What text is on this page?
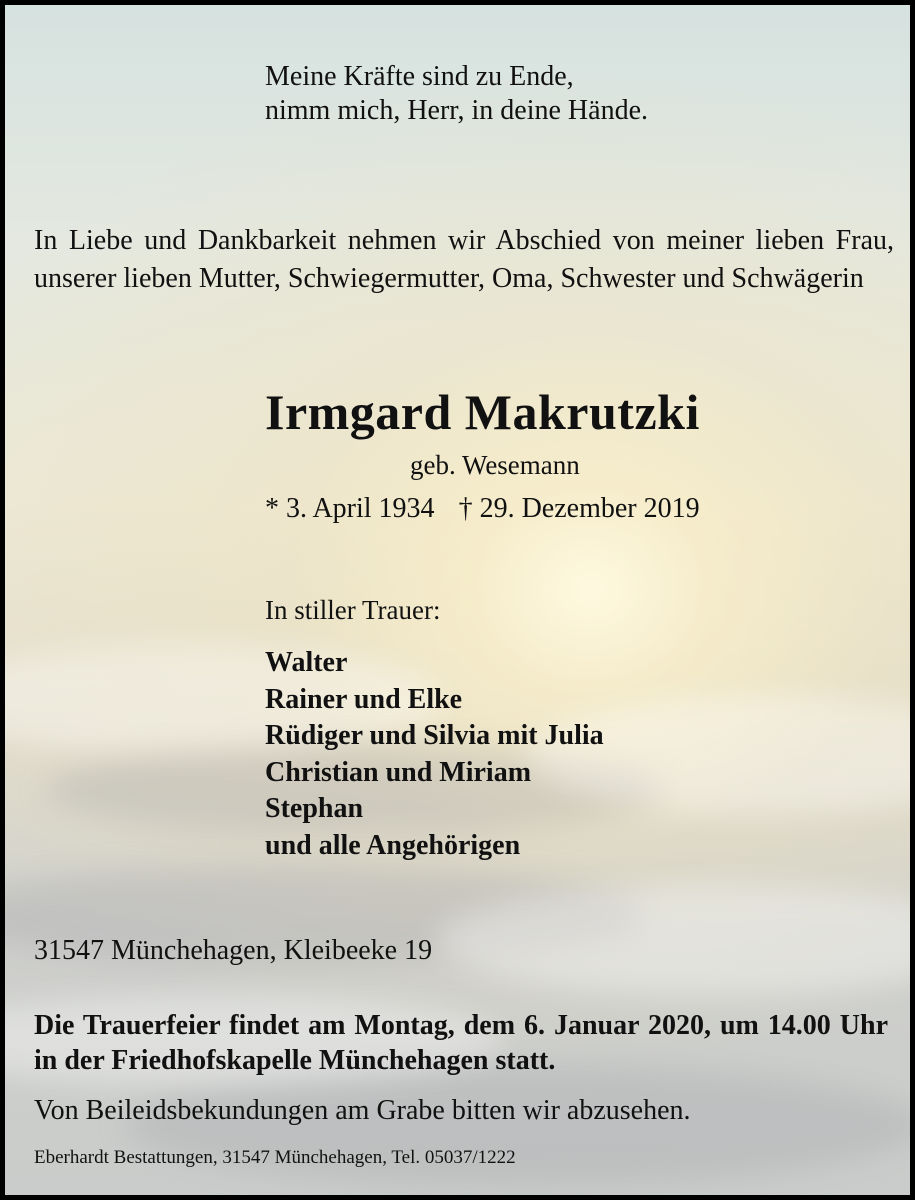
Meine Kräfte sind zu Ende,
nimm mich, Herr, in deine Hände.

In Liebe und Dankbarkeit nehmen wir Abschied von meiner lieben Frau, unserer lieben Mutter, Schwiegermutter, Oma, Schwester und Schwägerin

Irmgard Makrutzki
geb. Wesemann
* 3. April 1934 † 29. Dezember 2019
In stiller Trauer:
Walter
Rainer und Elke
Rüdiger und Silvia mit Julia
Christian und Miriam
Stephan
und alle Angehörigen
31547 Münchehagen, Kleibeeke 19

Die Trauerfeier findet am Montag, dem 6. Januar 2020, um 14.00 Uhr in der Friedhofskapelle Münchehagen statt.

Von Beileidsbekundungen am Grabe bitten wir abzusehen.
Eberhardt Bestattungen, 31547 Münchehagen, Tel. 05037/1222
